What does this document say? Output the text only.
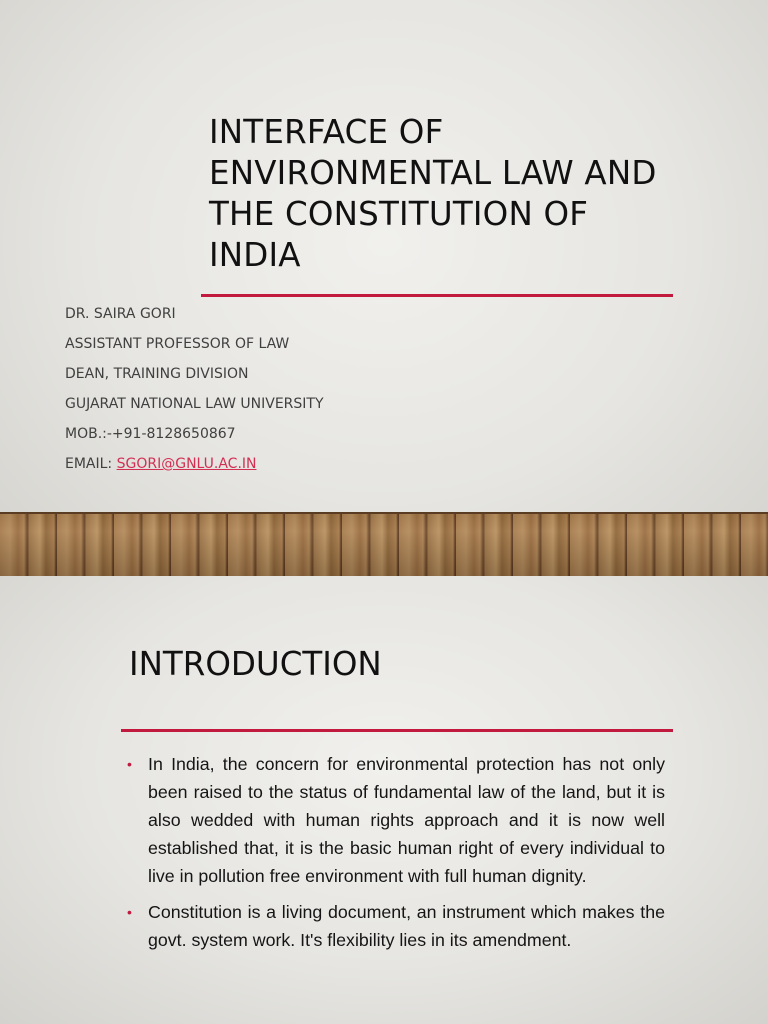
INTERFACE OF ENVIRONMENTAL LAW AND THE CONSTITUTION OF INDIA
DR. SAIRA GORI
ASSISTANT PROFESSOR OF LAW
DEAN, TRAINING DIVISION
GUJARAT NATIONAL LAW UNIVERSITY
MOB.:-+91-8128650867
EMAIL: SGORI@GNLU.AC.IN
INTRODUCTION
• In India, the concern for environmental protection has not only been raised to the status of fundamental law of the land, but it is also wedded with human rights approach and it is now well established that, it is the basic human right of every individual to live in pollution free environment with full human dignity.
• Constitution is a living document, an instrument which makes the govt. system work. It's flexibility lies in its amendment.
